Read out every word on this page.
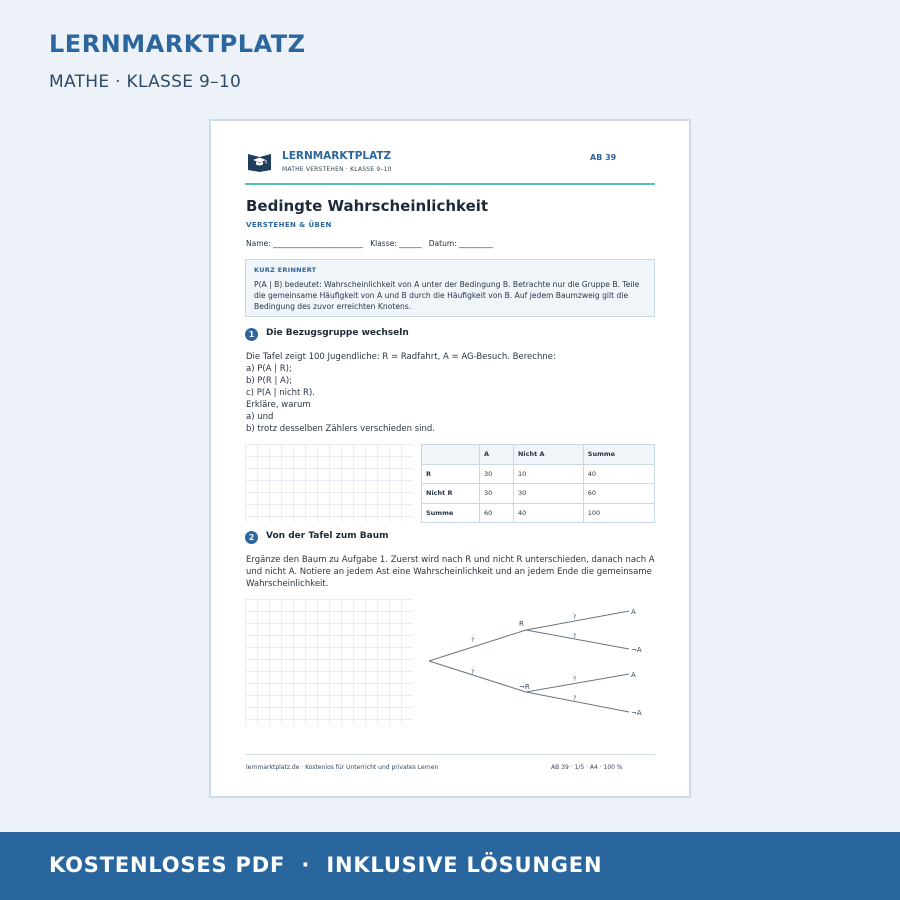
LERNMARKTPLATZ
MATHE · KLASSE 9–10
LERNMARKTPLATZ
MATHE VERSTEHEN · KLASSE 9–10
AB 39
Bedingte Wahrscheinlichkeit
VERSTEHEN & ÜBEN
Name: ________________________   Klasse: ______   Datum: _________
KURZ ERINNERT
P(A | B) bedeutet: Wahrscheinlichkeit von A unter der Bedingung B. Betrachte nur die Gruppe B. Teile die gemeinsame Häufigkeit von A und B durch die Häufigkeit von B. Auf jedem Baumzweig gilt die Bedingung des zuvor erreichten Knotens.
1	Die Bezugsgruppe wechseln
Die Tafel zeigt 100 Jugendliche: R = Radfahrt, A = AG-Besuch. Berechne:
a) P(A | R);
b) P(R | A);
c) P(A | nicht R).
Erkläre, warum
a) und
b) trotz desselben Zählers verschieden sind.
	A	Nicht A	Summe
R	30	10	40
Nicht R	30	30	60
Summe	60	40	100
2	Von der Tafel zum Baum
Ergänze den Baum zu Aufgabe 1. Zuerst wird nach R und nicht R unterschieden, danach nach A und nicht A. Notiere an jedem Ast eine Wahrscheinlichkeit und an jedem Ende die gemeinsame Wahrscheinlichkeit.
R
¬R
A
¬A
A
¬A
?
?
?
?
?
?
lernmarktplatz.de · Kostenlos für Unterricht und privates Lernen	AB 39 · 1/5 · A4 · 100 %
KOSTENLOSES PDF  ·  INKLUSIVE LÖSUNGEN
